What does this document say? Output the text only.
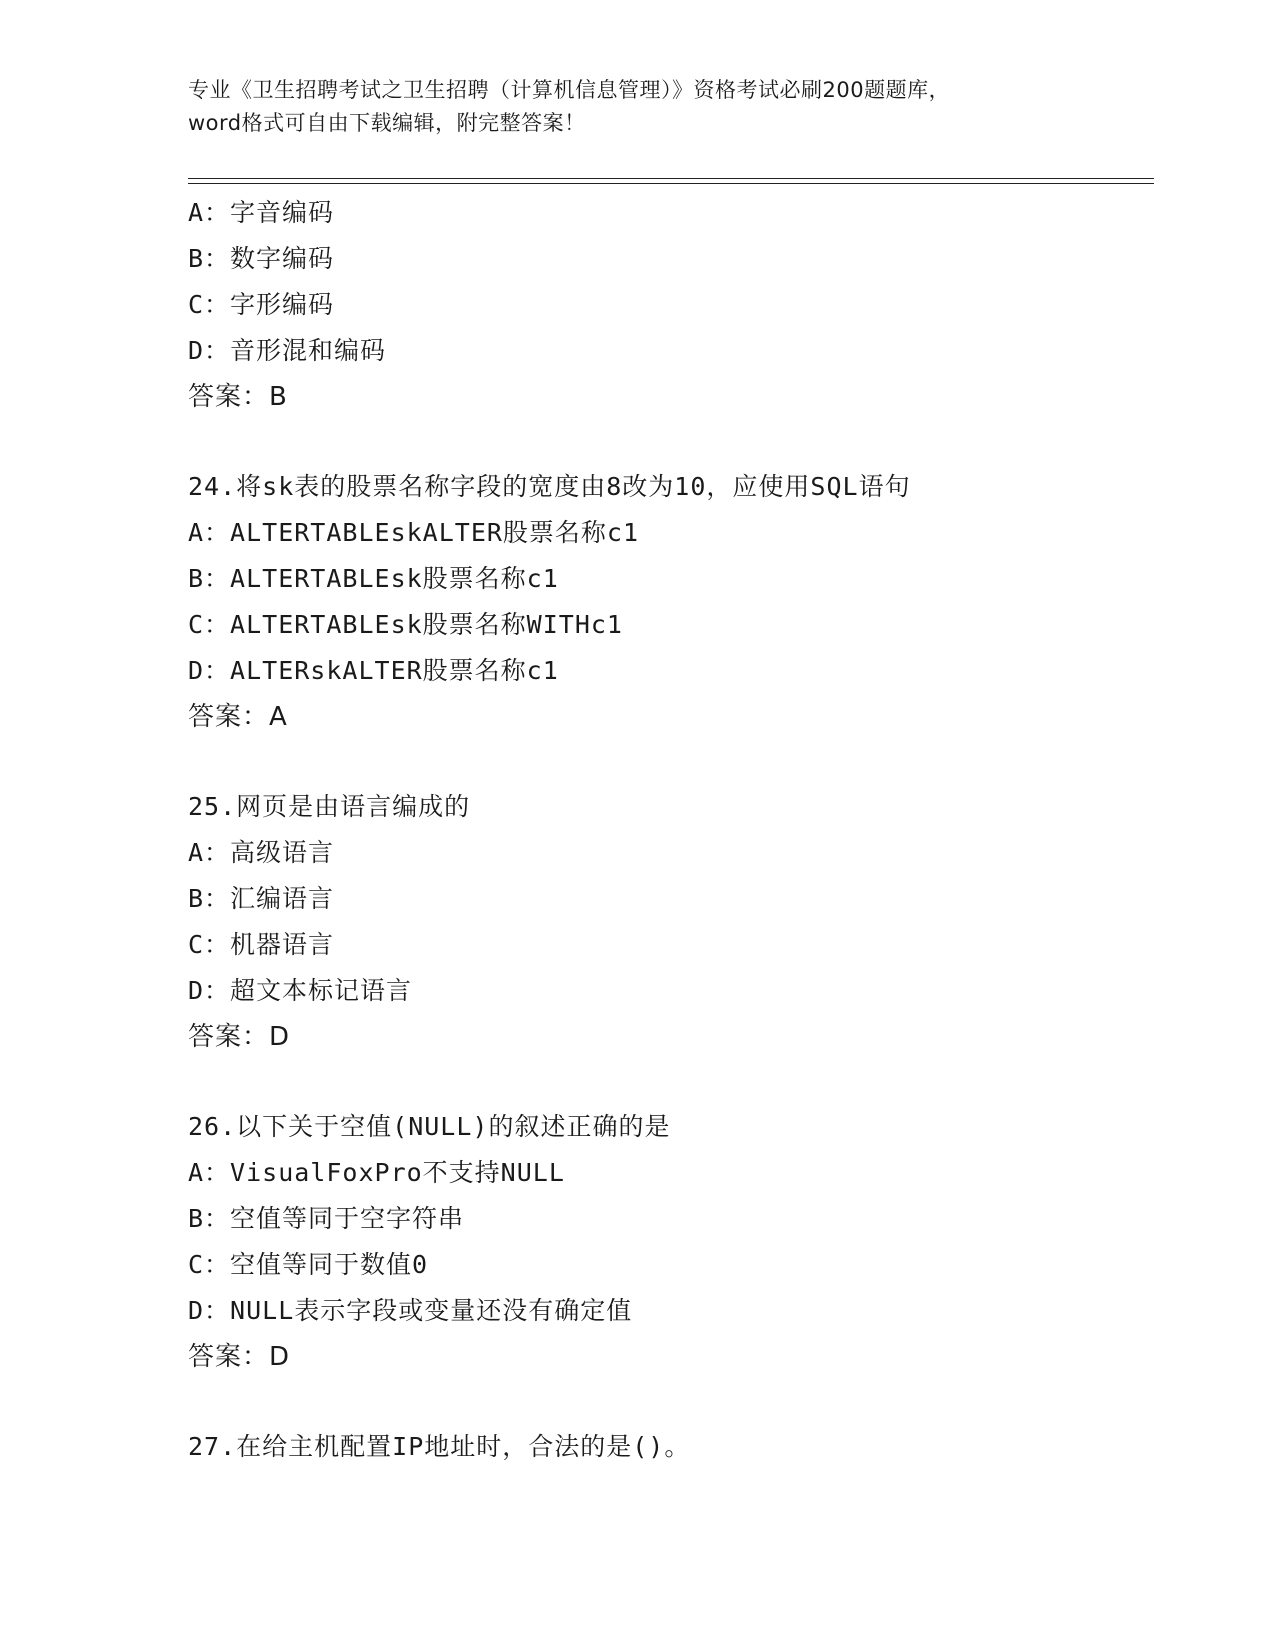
专业《卫生招聘考试之卫生招聘（计算机信息管理）》资格考试必刷200题题库，
word格式可自由下载编辑，附完整答案！
A：字音编码
B：数字编码
C：字形编码
D：音形混和编码
答案：B
24.将sk表的股票名称字段的宽度由8改为10，应使用SQL语句
A：ALTERTABLEskALTER股票名称c1
B：ALTERTABLEsk股票名称c1
C：ALTERTABLEsk股票名称WITHc1
D：ALTERskALTER股票名称c1
答案：A
25.网页是由语言编成的
A：高级语言
B：汇编语言
C：机器语言
D：超文本标记语言
答案：D
26.以下关于空值(NULL)的叙述正确的是
A：VisualFoxPro不支持NULL
B：空值等同于空字符串
C：空值等同于数值0
D：NULL表示字段或变量还没有确定值
答案：D
27.在给主机配置IP地址时，合法的是()。
